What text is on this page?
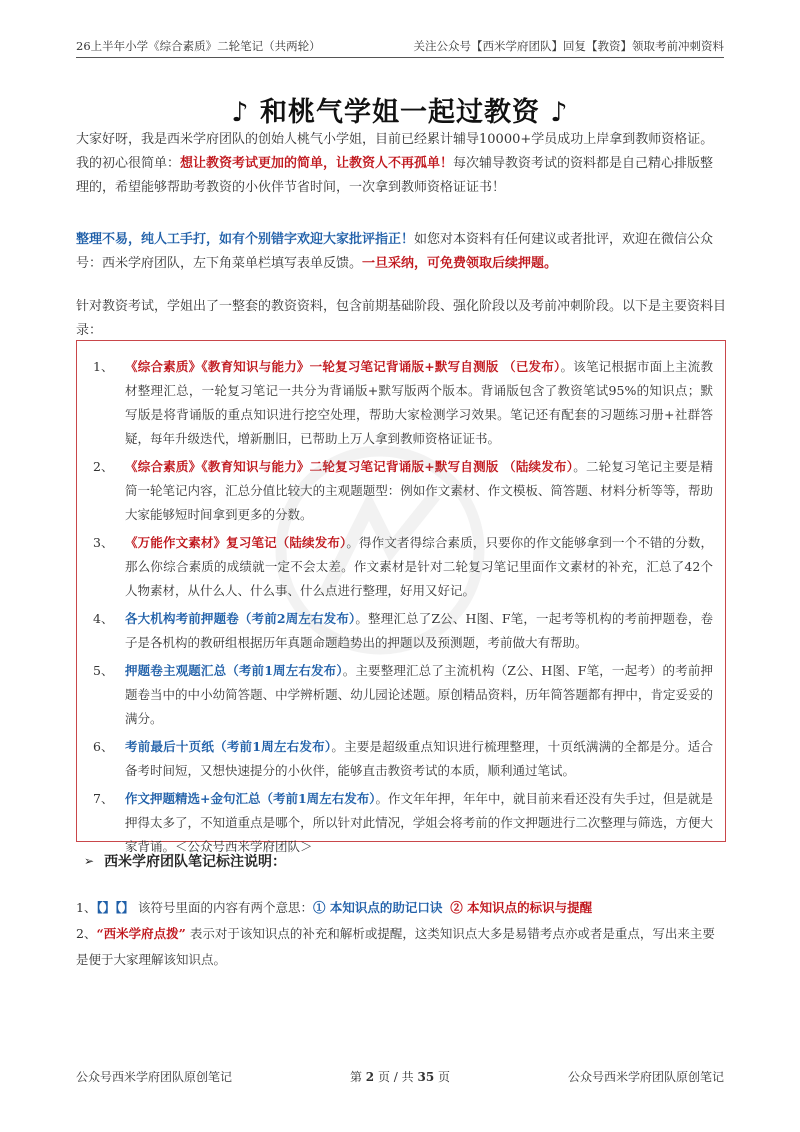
26上半年小学《综合素质》二轮笔记（共两轮）	关注公众号【西米学府团队】回复【教资】领取考前冲刺资料
♪ 和桃气学姐一起过教资 ♪

大家好呀，我是西米学府团队的创始人桃气小学姐，目前已经累计辅导10000+学员成功上岸拿到教师资格证。我的初心很简单：想让教资考试更加的简单，让教资人不再孤单！每次辅导教资考试的资料都是自己精心排版整理的，希望能够帮助考教资的小伙伴节省时间，一次拿到教师资格证证书！

整理不易，纯人工手打，如有个别错字欢迎大家批评指正！如您对本资料有任何建议或者批评，欢迎在微信公众号：西米学府团队，左下角菜单栏填写表单反馈。一旦采纳，可免费领取后续押题。

针对教资考试，学姐出了一整套的教资资料，包含前期基础阶段、强化阶段以及考前冲刺阶段。以下是主要资料目录：

1、 《综合素质》《教育知识与能力》一轮复习笔记背诵版+默写自测版 （已发布）。该笔记根据市面上主流教材整理汇总，一轮复习笔记一共分为背诵版+默写版两个版本。背诵版包含了教资笔试95%的知识点；默写版是将背诵版的重点知识进行挖空处理，帮助大家检测学习效果。笔记还有配套的习题练习册+社群答疑，每年升级迭代，增新删旧，已帮助上万人拿到教师资格证证书。
2、 《综合素质》《教育知识与能力》二轮复习笔记背诵版+默写自测版 （陆续发布）。二轮复习笔记主要是精简一轮笔记内容，汇总分值比较大的主观题题型：例如作文素材、作文模板、简答题、材料分析等等，帮助大家能够短时间拿到更多的分数。
3、 《万能作文素材》复习笔记（陆续发布）。得作文者得综合素质，只要你的作文能够拿到一个不错的分数，那么你综合素质的成绩就一定不会太差。作文素材是针对二轮复习笔记里面作文素材的补充，汇总了42个人物素材，从什么人、什么事、什么点进行整理，好用又好记。
4、 各大机构考前押题卷（考前2周左右发布）。整理汇总了Z公、H图、F笔，一起考等机构的考前押题卷，卷子是各机构的教研组根据历年真题命题趋势出的押题以及预测题，考前做大有帮助。
5、 押题卷主观题汇总（考前1周左右发布）。主要整理汇总了主流机构（Z公、H图、F笔，一起考）的考前押题卷当中的中小幼简答题、中学辨析题、幼儿园论述题。原创精品资料，历年简答题都有押中，肯定妥妥的满分。
6、 考前最后十页纸（考前1周左右发布）。主要是超级重点知识进行梳理整理，十页纸满满的全都是分。适合备考时间短，又想快速提分的小伙伴，能够直击教资考试的本质，顺利通过笔试。
7、 作文押题精选+金句汇总（考前1周左右发布）。作文年年押，年年中，就目前来看还没有失手过，但是就是押得太多了，不知道重点是哪个，所以针对此情况，学姐会将考前的作文押题进行二次整理与筛选，方便大家背诵。＜公众号西米学府团队＞
➢ 西米学府团队笔记标注说明：

1、【】【】 该符号里面的内容有两个意思：① 本知识点的助记口诀 ② 本知识点的标识与提醒

2、“西米学府点拨” 表示对于该知识点的补充和解析或提醒，这类知识点大多是易错考点亦或者是重点，写出来主要是便于大家理解该知识点。

公众号西米学府团队原创笔记	第 2 页 / 共 35 页	公众号西米学府团队原创笔记
